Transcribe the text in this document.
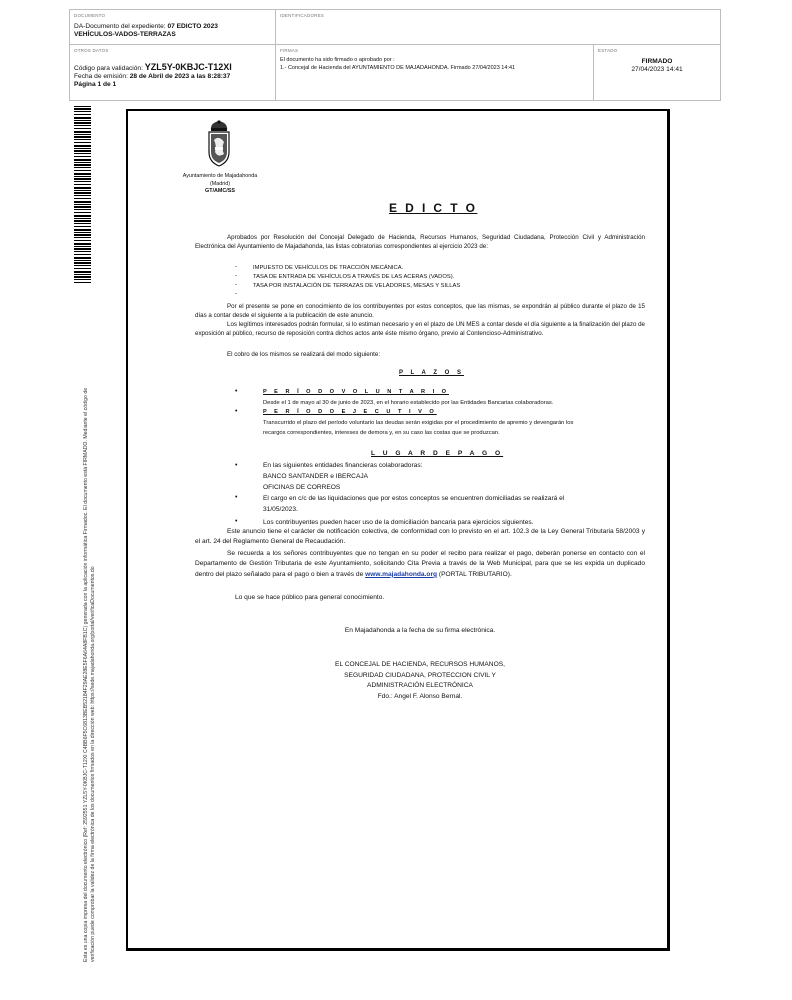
DOCUMENTO
DA-Documento del expediente: 07 EDICTO 2023
VEHÍCULOS-VADOS-TERRAZAS
IDENTIFICADORES
OTROS DATOS
Código para validación: YZL5Y-0KBJC-T12XI
Fecha de emisión: 28 de Abril de 2023 a las 8:28:37
Página 1 de 1
FIRMAS
El documento ha sido firmado o aprobado por :
1.- Concejal de Hacienda del AYUNTAMIENTO DE MAJADAHONDA. Firmado 27/04/2023 14:41
ESTADO
FIRMADO
27/04/2023 14:41
Esta es una copia impresa del documento electrónico (Ref: 2592551 YZL5Y-0KBJC-T12XI C4BB6F5C6813BEB52184F29AE28E5F6A64A8FB1C) generada con la aplicación informática Firmadoc. El documento está FIRMADO. Mediante el código de verificación puede comprobar la validez de la firma electrónica de los documentos firmados en la dirección web: https://sede.majadahonda.org/portal/verificaDocumentos.do
Ayuntamiento de Majadahonda
(Madrid)
GT/AMC/SS
E D I C T O
Aprobados por Resolución del Concejal Delegado de Hacienda, Recursos Humanos, Seguridad Ciudadana, Protección Civil y Administración Electrónica del Ayuntamiento de Majadahonda, las listas cobratorias correspondientes al ejercicio 2023 de:
-	IMPUESTO DE VEHÍCULOS DE TRACCIÓN MECÁNICA.
-	TASA DE ENTRADA DE VEHÍCULOS A TRAVÉS DE LAS ACERAS (VADOS).
-	TASA POR INSTALACIÓN DE TERRAZAS DE VELADORES, MESAS Y SILLAS
-
Por el presente se pone en conocimiento de los contribuyentes por estos conceptos, que las mismas, se expondrán al público durante el plazo de 15 días a contar desde el siguiente a la publicación de este anuncio.
Los legítimos interesados podrán formular, si lo estiman necesario y en el plazo de UN MES a contar desde el día siguiente a la finalización del plazo de exposición al público, recurso de reposición contra dichos actos ante éste mismo órgano, previo al Contencioso-Administrativo.
El cobro de los mismos se realizará del modo siguiente:
P L A Z O S
•	P E R Í O D O V O L U N T A R I O
Desde el 1 de mayo al 30 de junio de 2023, en el horario establecido por las Entidades Bancarias colaboradoras.
•	P E R Í O D O E J E C U T I V O
Transcurrido el plazo del período voluntario las deudas serán exigidas por el procedimiento de apremio y devengarán los
recargos correspondientes, intereses de demora y, en su caso las costas que se produzcan.
L U G A R D E P A G O
•	En las siguientes entidades financieras colaboradoras:
BANCO SANTANDER e IBERCAJA
OFICINAS DE CORREOS
•	El cargo en c/c de las liquidaciones que por estos conceptos se encuentren domiciliadas se realizará el
31/05/2023.
•	Los contribuyentes pueden hacer uso de la domiciliación bancaria para ejercicios siguientes.
Este anuncio tiene el carácter de notificación colectiva, de conformidad con lo previsto en el art. 102.3 de la Ley General Tributaria 58/2003 y el art. 24 del Reglamento General de Recaudación.
Se recuerda a los señores contribuyentes que no tengan en su poder el recibo para realizar el pago, deberán ponerse en contacto con el Departamento de Gestión Tributaria de este Ayuntamiento, solicitando Cita Previa a través de la Web Municipal, para que se les expida un duplicado dentro del plazo señalado para el pago o bien a través de www.majadahonda.org (PORTAL TRIBUTARIO).
Lo que se hace público para general conocimiento.
En Majadahonda a la fecha de su firma electrónica.
EL CONCEJAL DE HACIENDA, RECURSOS HUMANOS,
SEGURIDAD CIUDADANA, PROTECCION CIVIL Y
ADMINISTRACIÓN ELECTRÓNICA
Fdo.: Angel F. Alonso Bernal.
